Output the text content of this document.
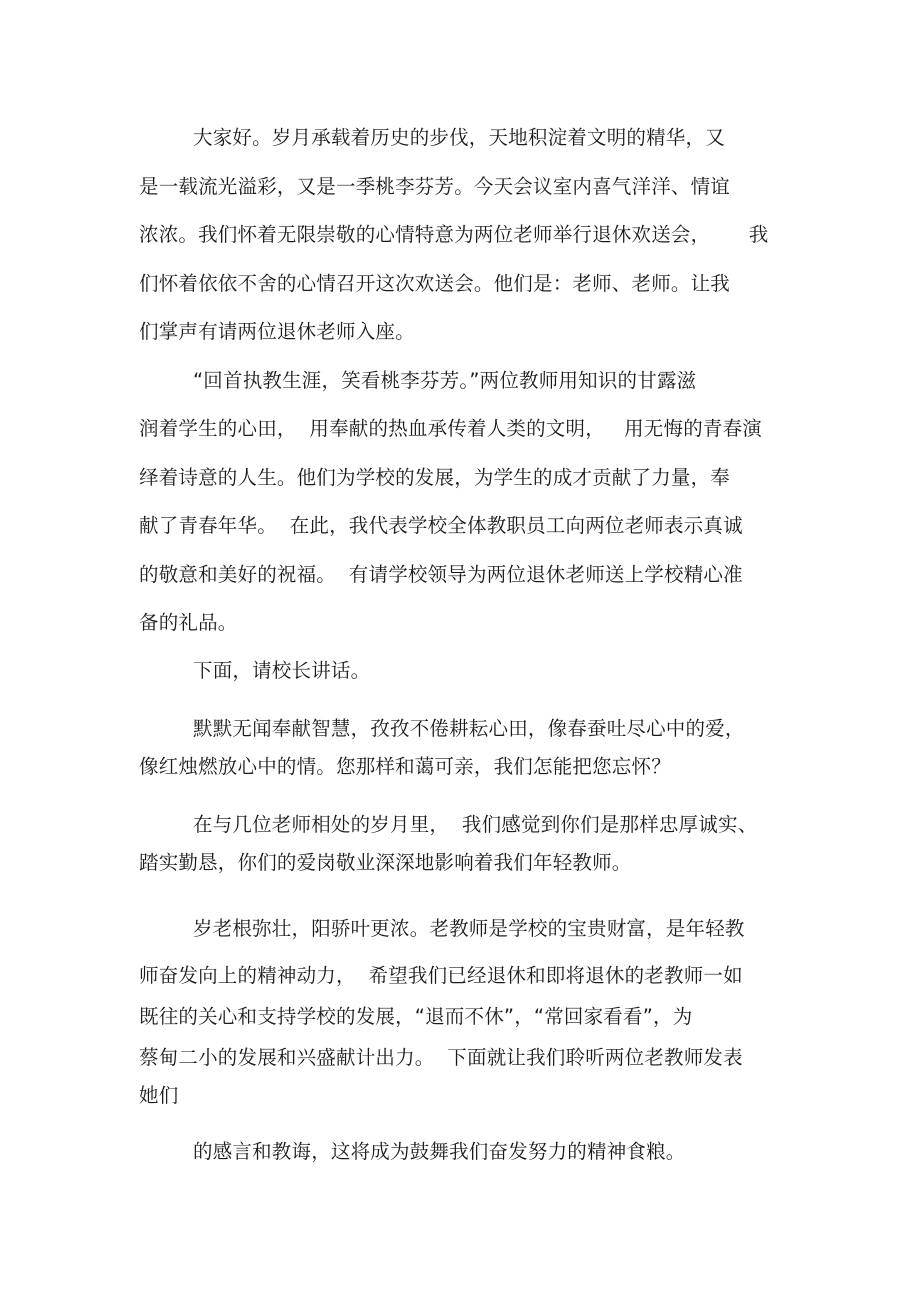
大家好。岁月承载着历史的步伐，天地积淀着文明的精华，又
是一载流光溢彩，又是一季桃李芬芳。今天会议室内喜气洋洋、情谊
浓浓。我们怀着无限崇敬的心情特意为两位老师举行退休欢送会，      我
们怀着依依不舍的心情召开这次欢送会。他们是：老师、老师。让我
们掌声有请两位退休老师入座。
“回首执教生涯，笑看桃李芬芳。”两位教师用知识的甘露滋
润着学生的心田，  用奉献的热血承传着人类的文明，   用无悔的青春演
绎着诗意的人生。他们为学校的发展，为学生的成才贡献了力量，奉
献了青春年华。  在此，我代表学校全体教职员工向两位老师表示真诚
的敬意和美好的祝福。  有请学校领导为两位退休老师送上学校精心准
备的礼品。
下面，请校长讲话。
默默无闻奉献智慧，孜孜不倦耕耘心田，像春蚕吐尽心中的爱，
像红烛燃放心中的情。您那样和蔼可亲，我们怎能把您忘怀？
在与几位老师相处的岁月里，  我们感觉到你们是那样忠厚诚实、
踏实勤恳，你们的爱岗敬业深深地影响着我们年轻教师。
岁老根弥壮，阳骄叶更浓。老教师是学校的宝贵财富，是年轻教
师奋发向上的精神动力，  希望我们已经退休和即将退休的老教师一如
既往的关心和支持学校的发展，“退而不休”，“常回家看看”，为
蔡甸二小的发展和兴盛献计出力。  下面就让我们聆听两位老教师发表
她们
的感言和教诲，这将成为鼓舞我们奋发努力的精神食粮。
